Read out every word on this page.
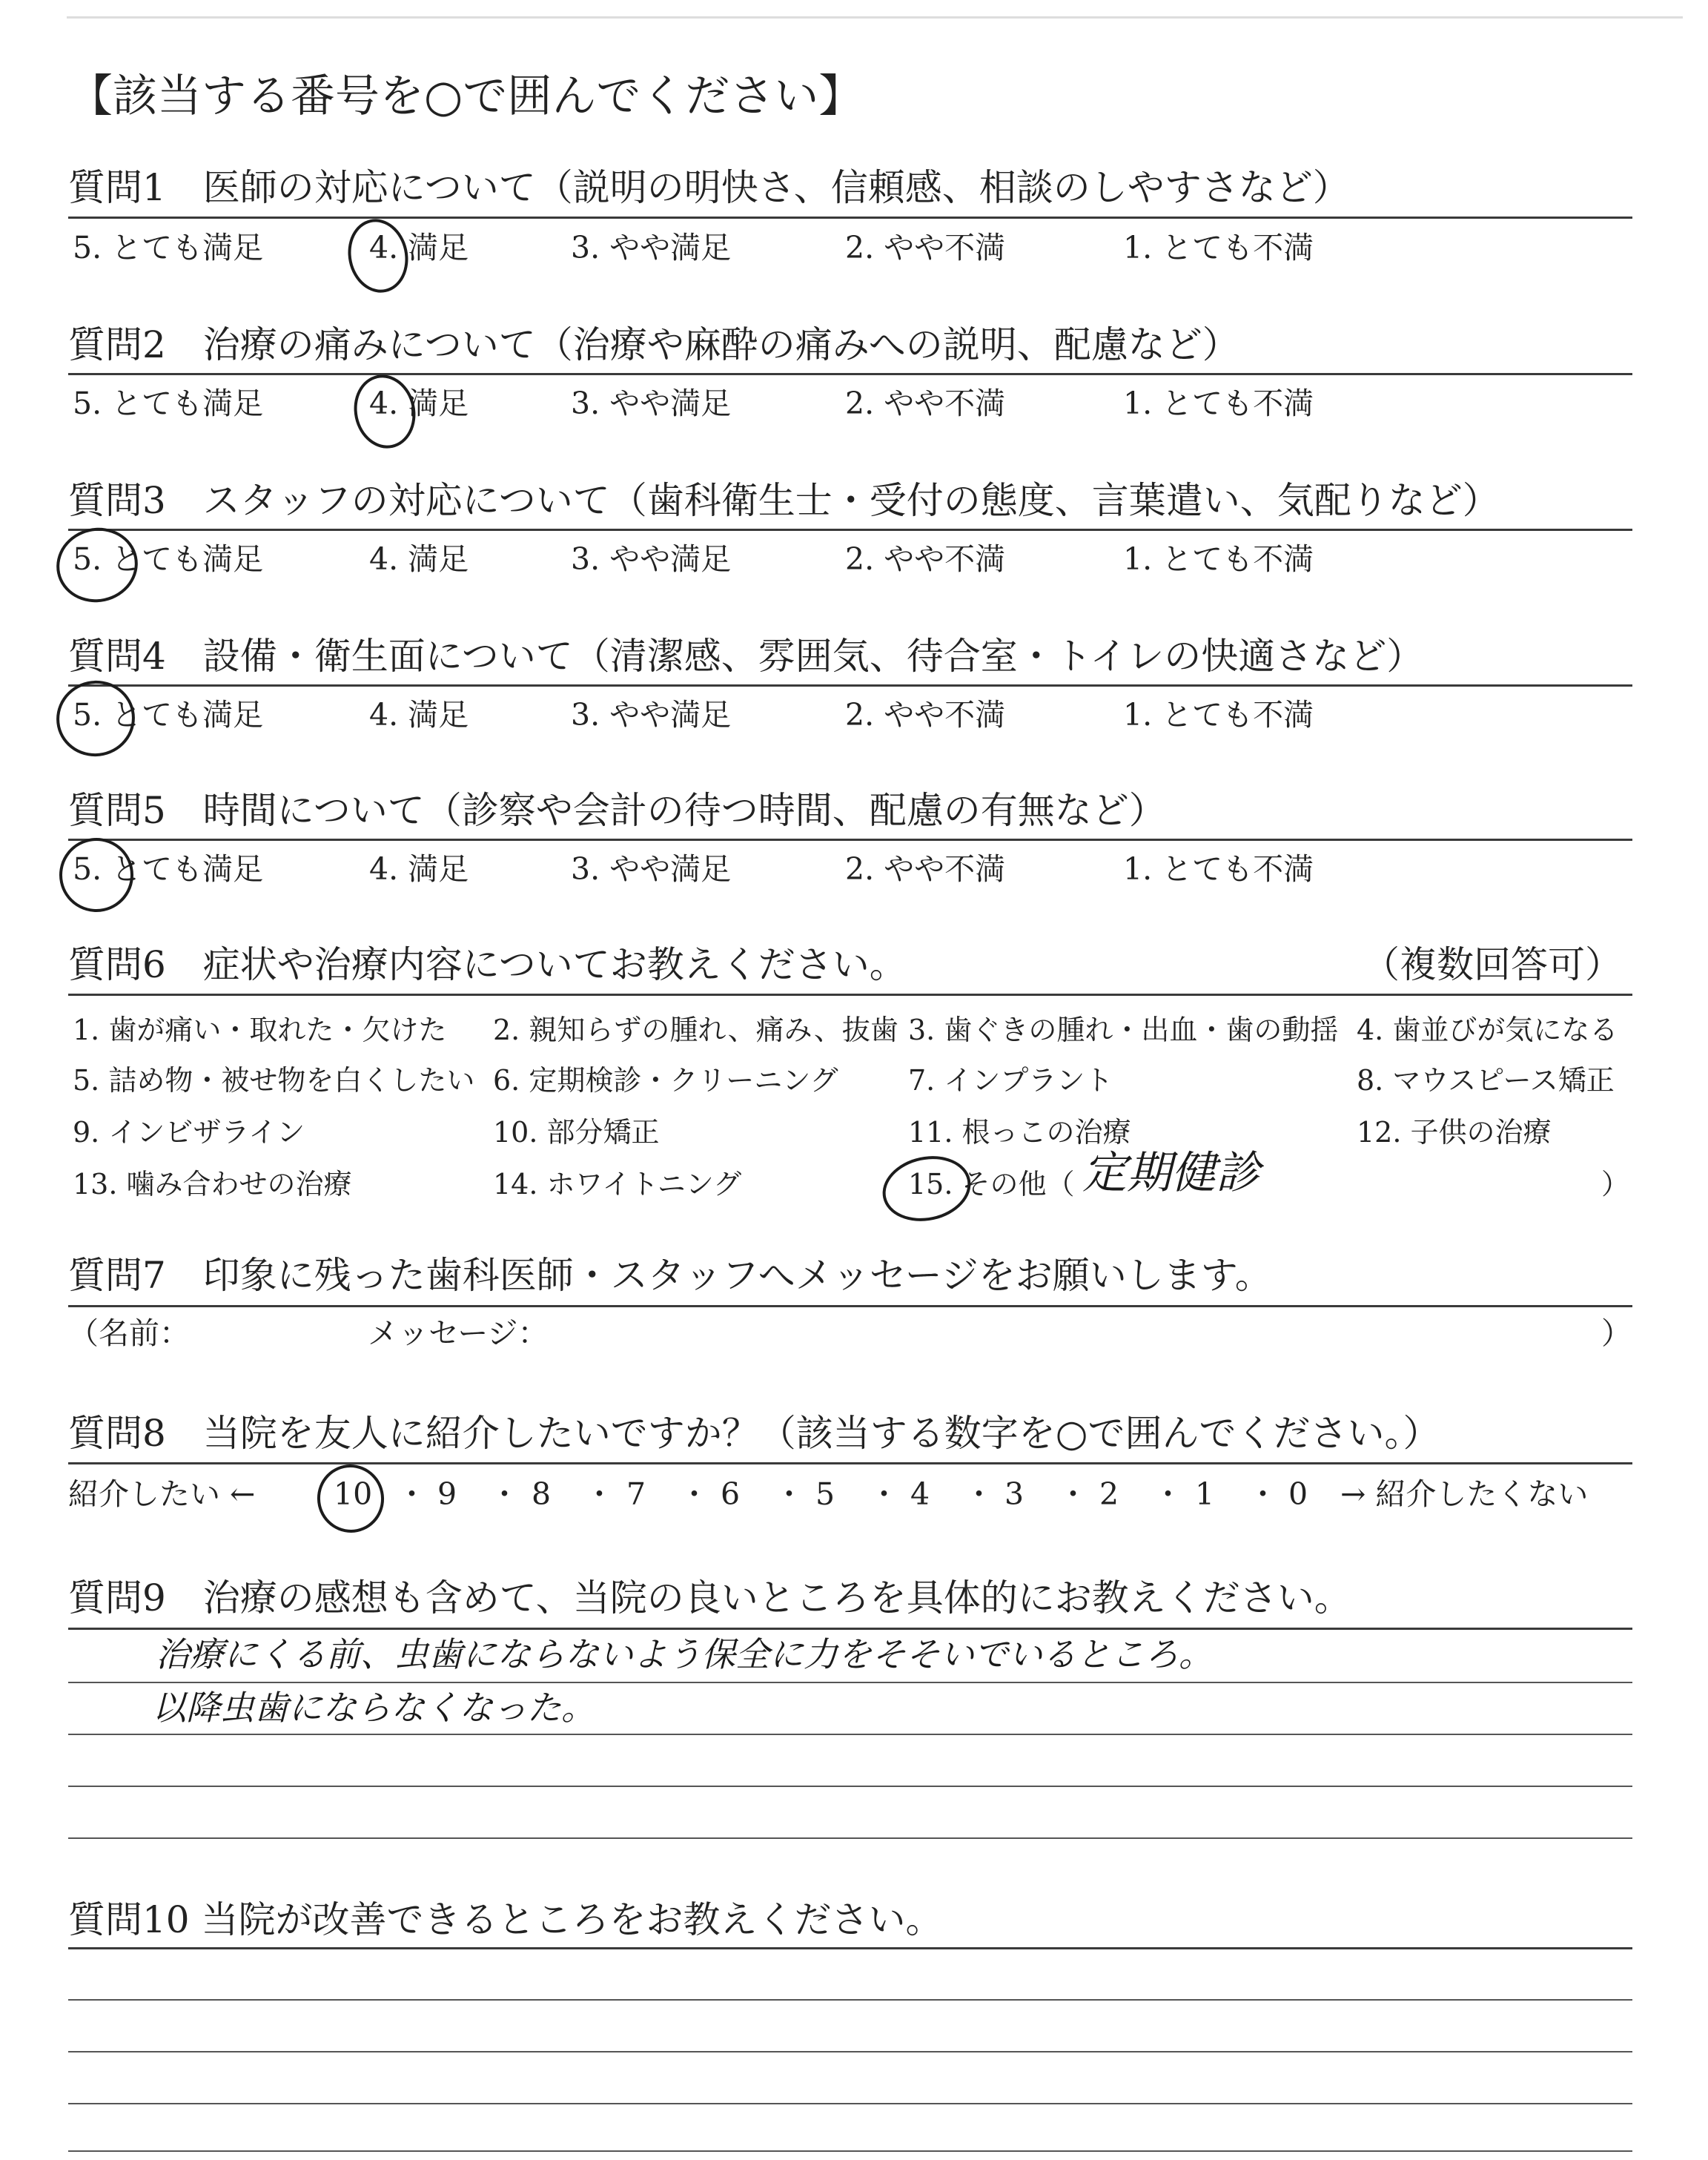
【該当する番号を○で囲んでください】
質問1　医師の対応について（説明の明快さ、信頼感、相談のしやすさなど）
5. とても満足	4. 満足	3. やや満足	2. やや不満	1. とても不満
質問2　治療の痛みについて（治療や麻酔の痛みへの説明、配慮など）
5. とても満足	4. 満足	3. やや満足	2. やや不満	1. とても不満
質問3　スタッフの対応について（歯科衛生士・受付の態度、言葉遣い、気配りなど）
5. とても満足	4. 満足	3. やや満足	2. やや不満	1. とても不満
質問4　設備・衛生面について（清潔感、雰囲気、待合室・トイレの快適さなど）
5. とても満足	4. 満足	3. やや満足	2. やや不満	1. とても不満
質問5　時間について（診察や会計の待つ時間、配慮の有無など）
5. とても満足	4. 満足	3. やや満足	2. やや不満	1. とても不満
質問6　症状や治療内容についてお教えください。	（複数回答可）
1. 歯が痛い・取れた・欠けた 2. 親知らずの腫れ、痛み、抜歯 3. 歯ぐきの腫れ・出血・歯の動揺 4. 歯並びが気になる
5. 詰め物・被せ物を白くしたい 6. 定期検診・クリーニング 7. インプラント	8. マウスピース矯正
9. インビザライン	10. 部分矯正	11. 根っこの治療	12. 子供の治療
13. 噛み合わせの治療	14. ホワイトニング	15. その他（	）
定期健診
質問7　印象に残った歯科医師・スタッフへメッセージをお願いします。
（名前：	メッセージ：	）
質問8　当院を友人に紹介したいですか？（該当する数字を○で囲んでください。）
紹介したい ←	10 ・ 9 ・ 8 ・ 7 ・ 6 ・ 5 ・ 4 ・ 3 ・ 2 ・ 1 ・ 0 → 紹介したくない
質問9　治療の感想も含めて、当院の良いところを具体的にお教えください。
治療にくる前、虫歯にならないよう保全に力をそそいでいるところ。
以降虫歯にならなくなった。
質問10 当院が改善できるところをお教えください。
